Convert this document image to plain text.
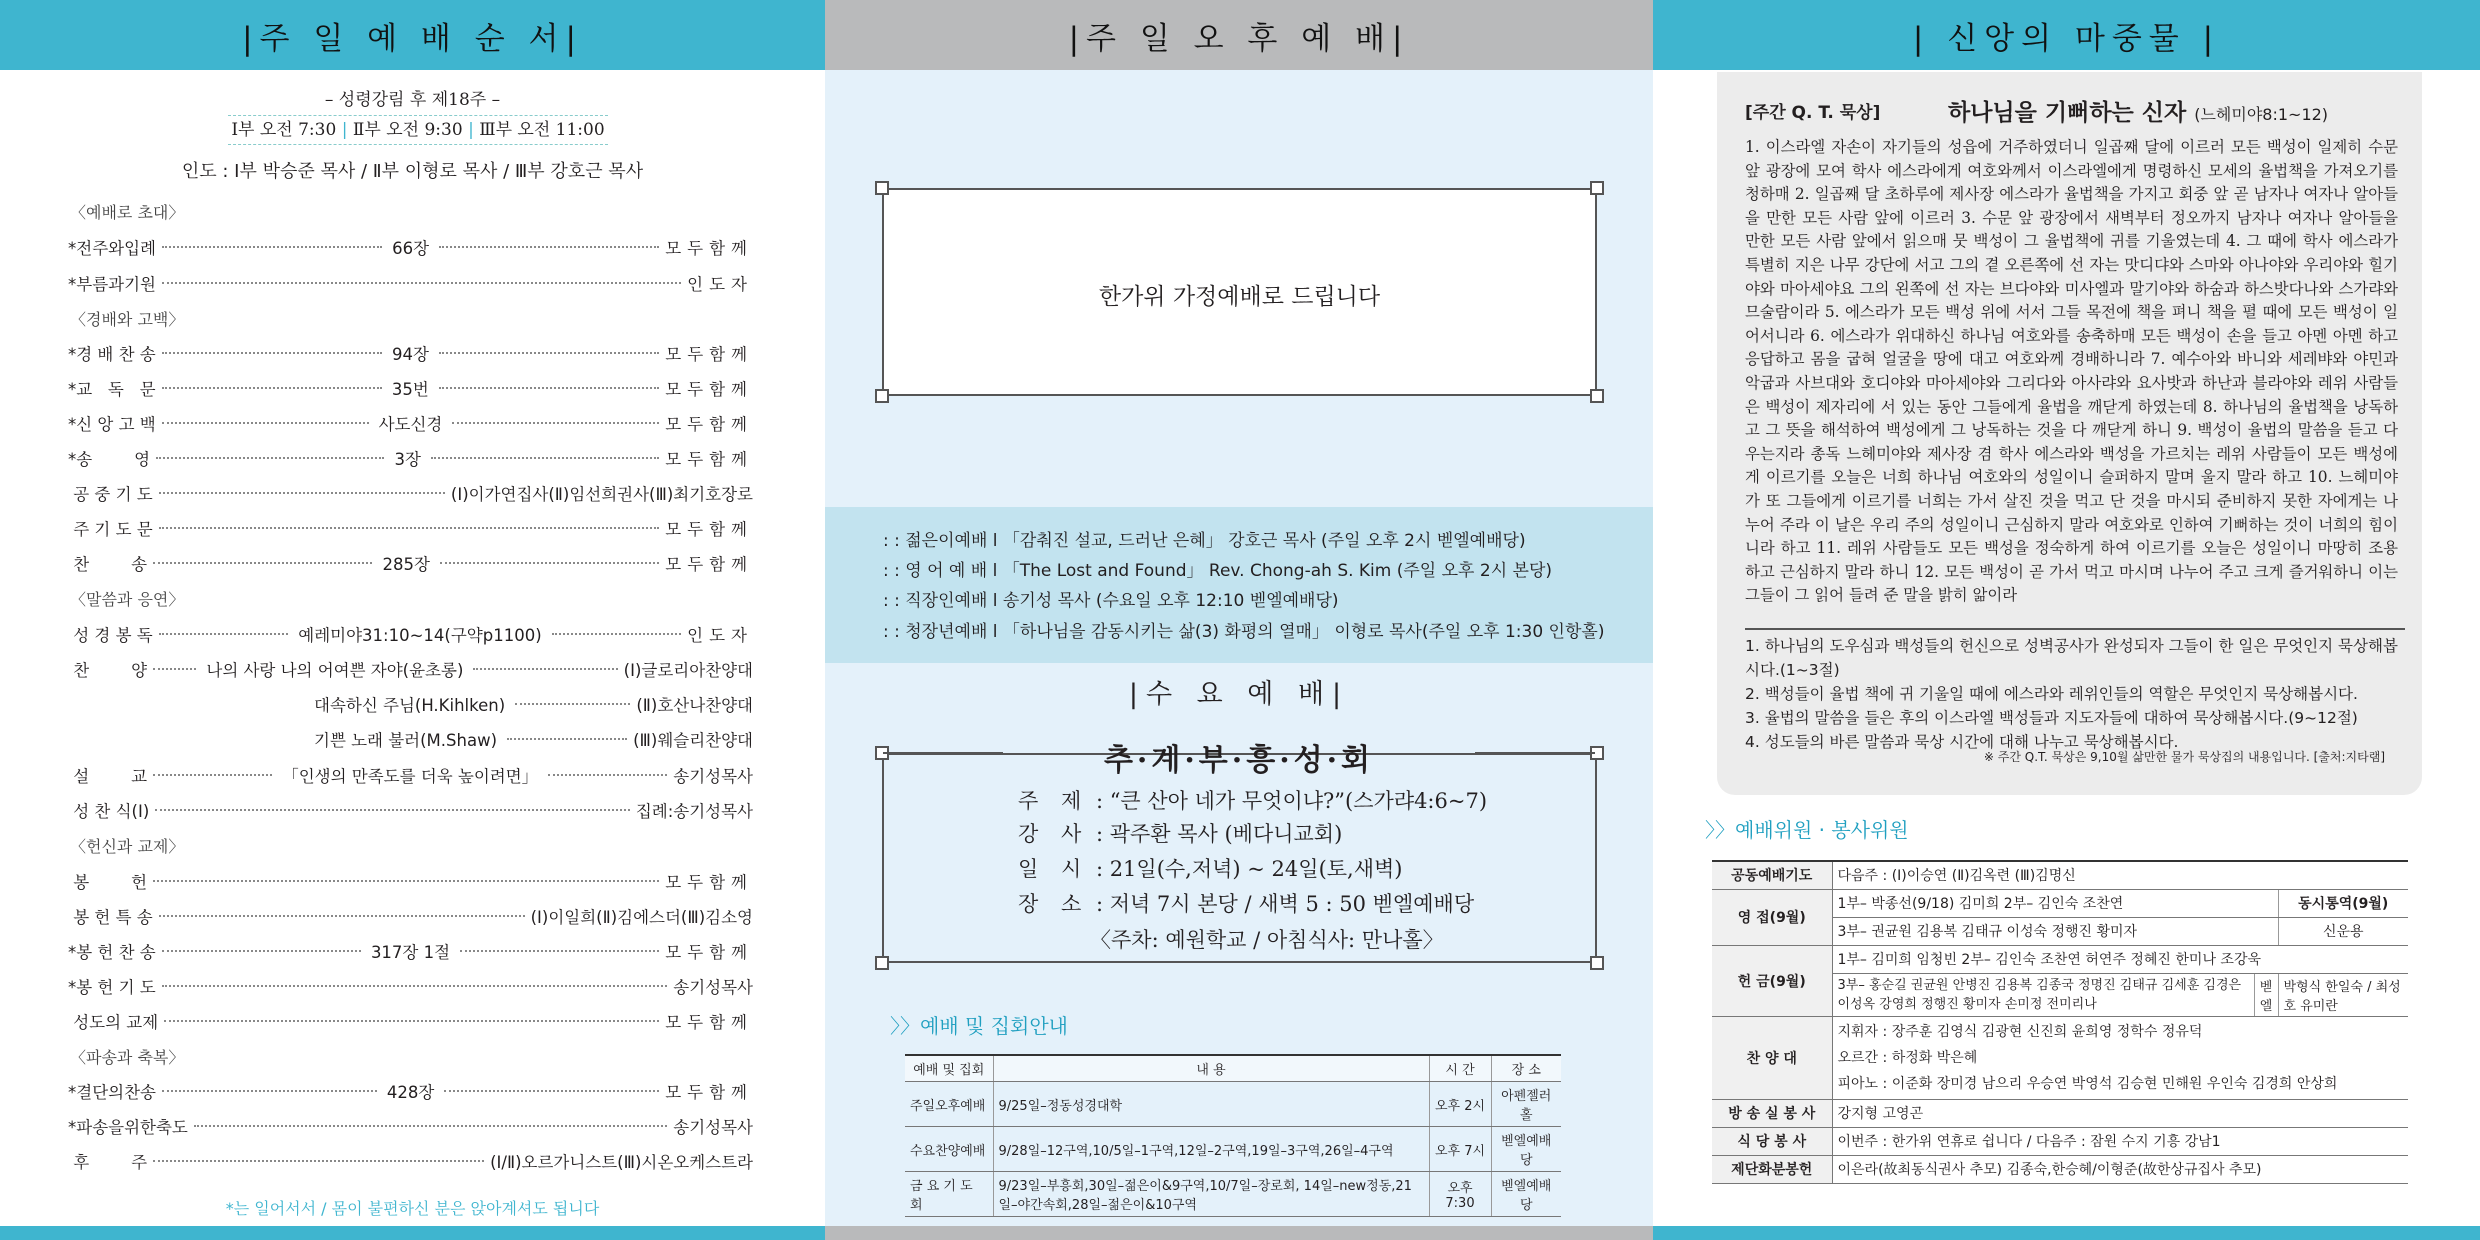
|주 일 예 배 순 서|
– 성령강림 후 제18주 –
Ⅰ부 오전 7:30 | Ⅱ부 오전 9:30 | Ⅲ부 오전 11:00
인도 : Ⅰ부 박승준 목사 / Ⅱ부 이형로 목사 / Ⅲ부 강호근 목사
〈예배로 초대〉
*전주와입례	66장	모두함께
*부름과기원	인도자
〈경배와 고백〉
*경 배 찬 송	94장	모두함께
*교   독   문	35번	모두함께
*신 앙 고 백	사도신경	모두함께
*송        영	3장	모두함께
공 중 기 도	(Ⅰ)이가연집사(Ⅱ)임선희권사(Ⅲ)최기호장로
주 기 도 문	모두함께
찬        송	285장	모두함께
〈말씀과 응연〉
성 경 봉 독	예레미야31:10~14(구약p1100)	인도자
찬        양	나의 사랑 나의 어여쁜 자야(윤초롱)	(Ⅰ)글로리아찬양대
대속하신 주님(H.Kihlken)	(Ⅱ)호산나찬양대
기쁜 노래 불러(M.Shaw)	(Ⅲ)웨슬리찬양대
설        교	「인생의 만족도를 더욱 높이려면」	송기성목사
성 찬 식(Ⅰ)	집례:송기성목사
〈헌신과 교제〉
봉        헌	모두함께
봉 헌 특 송	(Ⅰ)이일희(Ⅱ)김에스더(Ⅲ)김소영
*봉 헌 찬 송	317장 1절	모두함께
*봉 헌 기 도	송기성목사
성도의 교제	모두함께
〈파송과 축복〉
*결단의찬송	428장	모두함께
*파송을위한축도	송기성목사
후        주	(Ⅰ/Ⅱ)오르가니스트(Ⅲ)시온오케스트라
*는 일어서서 / 몸이 불편하신 분은 앉아계셔도 됩니다
|주 일 오 후 예 배|
한가위 가정예배로 드립니다
: : 젊은이예배 l 「감춰진 설교, 드러난 은혜」 강호근 목사 (주일 오후 2시 벧엘예배당)
: : 영 어 예 배 l 「The Lost and Found」 Rev. Chong-ah S. Kim (주일 오후 2시 본당)
: : 직장인예배 l 송기성 목사 (수요일 오후 12:10 벧엘예배당)
: : 청장년예배 l 「하나님을 감동시키는 삶(3) 화평의 열매」 이형로 목사(주일 오후 1:30 인항홀)
|수 요 예 배|
추·계·부·흥·성·회
주 제 : “큰 산아 네가 무엇이냐?”(스가랴4:6~7)
강 사 : 곽주환 목사 (베다니교회)
일 시 : 21일(수,저녁) ~ 24일(토,새벽)
장 소 : 저녁 7시 본당 / 새벽 5 : 50 벧엘예배당
〈주차: 예원학교 / 아침식사: 만나홀〉
〉〉예배 및 집회안내
예배 및 집회	내 용	시 간	장 소
주일오후예배	9/25일–정동성경대학	오후 2시	아펜젤러홀
수요찬양예배	9/28일–12구역,10/5일–1구역,12일–2구역,19일–3구역,26일–4구역	오후 7시	벧엘예배당
금 요 기 도 회	9/23일–부흥회,30일–젊은이&9구역,10/7일–장로회, 14일–new정동,21일–야간속회,28일–젊은이&10구역	오후7:30	벧엘예배당
| 신앙의 마중물 |
[주간 Q. T. 묵상]	하나님을 기뻐하는 신자 (느헤미야8:1~12)
1. 이스라엘 자손이 자기들의 성읍에 거주하였더니 일곱째 달에 이르러 모든 백성이 일제히 수문 앞 광장에 모여 학사 에스라에게 여호와께서 이스라엘에게 명령하신 모세의 율법책을 가져오기를 청하매 2. 일곱째 달 초하루에 제사장 에스라가 율법책을 가지고 회중 앞 곧 남자나 여자나 알아들을 만한 모든 사람 앞에 이르러 3. 수문 앞 광장에서 새벽부터 정오까지 남자나 여자나 알아들을 만한 모든 사람 앞에서 읽으매 뭇 백성이 그 율법책에 귀를 기울였는데 4. 그 때에 학사 에스라가 특별히 지은 나무 강단에 서고 그의 곁 오른쪽에 선 자는 맛디댜와 스마와 아나야와 우리야와 힐기야와 마아세야요 그의 왼쪽에 선 자는 브다야와 미사엘과 말기야와 하숨과 하스밧다나와 스가랴와 므술람이라 5. 에스라가 모든 백성 위에 서서 그들 목전에 책을 펴니 책을 펼 때에 모든 백성이 일어서니라 6. 에스라가 위대하신 하나님 여호와를 송축하매 모든 백성이 손을 들고 아멘 아멘 하고 응답하고 몸을 굽혀 얼굴을 땅에 대고 여호와께 경배하니라 7. 예수아와 바니와 세레뱌와 야민과 악굽과 사브대와 호디야와 마아세야와 그리다와 아사랴와 요사밧과 하난과 블라야와 레위 사람들은 백성이 제자리에 서 있는 동안 그들에게 율법을 깨닫게 하였는데 8. 하나님의 율법책을 낭독하고 그 뜻을 해석하여 백성에게 그 낭독하는 것을 다 깨닫게 하니 9. 백성이 율법의 말씀을 듣고 다 우는지라 총독 느헤미야와 제사장 겸 학사 에스라와 백성을 가르치는 레위 사람들이 모든 백성에게 이르기를 오늘은 너희 하나님 여호와의 성일이니 슬퍼하지 말며 울지 말라 하고 10. 느헤미야가 또 그들에게 이르기를 너희는 가서 살진 것을 먹고 단 것을 마시되 준비하지 못한 자에게는 나누어 주라 이 날은 우리 주의 성일이니 근심하지 말라 여호와로 인하여 기뻐하는 것이 너희의 힘이니라 하고 11. 레위 사람들도 모든 백성을 정숙하게 하여 이르기를 오늘은 성일이니 마땅히 조용하고 근심하지 말라 하니 12. 모든 백성이 곧 가서 먹고 마시며 나누어 주고 크게 즐거워하니 이는 그들이 그 읽어 들려 준 말을 밝히 앎이라
1. 하나님의 도우심과 백성들의 헌신으로 성벽공사가 완성되자 그들이 한 일은 무엇인지 묵상해봅시다.(1~3절)
2. 백성들이 율법 책에 귀 기울일 때에 에스라와 레위인들의 역할은 무엇인지 묵상해봅시다.
3. 율법의 말씀을 들은 후의 이스라엘 백성들과 지도자들에 대하여 묵상해봅시다.(9~12절)
4. 성도들의 바른 말씀과 묵상 시간에 대해 나누고 묵상해봅시다.
※ 주간 Q.T. 묵상은 9,10월 삶만한 물가 묵상집의 내용입니다. [출처:지타램]
〉〉예배위원 · 봉사위원
공동예배기도	다음주 : (Ⅰ)이승연 (Ⅱ)김옥련 (Ⅲ)김명신		
영 접(9월)	1부– 박종선(9/18) 김미희 2부– 김인숙 조찬연		동시통역(9월)
	3부– 권균원 김용복 김태규 이성숙 정행진 황미자		신운용
헌 금(9월)	1부– 김미희 임청빈 2부– 김인숙 조찬연 허연주 정혜진 한미나 조강욱		
	3부– 홍순길 권균원 안병진 김용복 김종국 정명진 김태규 김세훈 김경은 이성옥 강영희 정행진 황미자 손미정 전미리나	벧엘	박형식 한일숙 / 최성호 유미란
찬 양 대	지휘자 : 장주훈 김영식 김광현 신진희 윤희영 정학수 정유덕
오르간 : 하정화 박은혜
피아노 : 이준화 장미경 남으리 우승연 박영석 김승현 민해원 우인숙 김경희 안상희		

방 송 실 봉 사	강지형 고영곤		
식 당 봉 사	이번주 : 한가위 연휴로 쉽니다 / 다음주 : 잠원 수지 기흥 강남1		
제단화분봉헌	이은라(故최동식권사 추모) 김종숙,한승혜/이형준(故한상규집사 추모)		
